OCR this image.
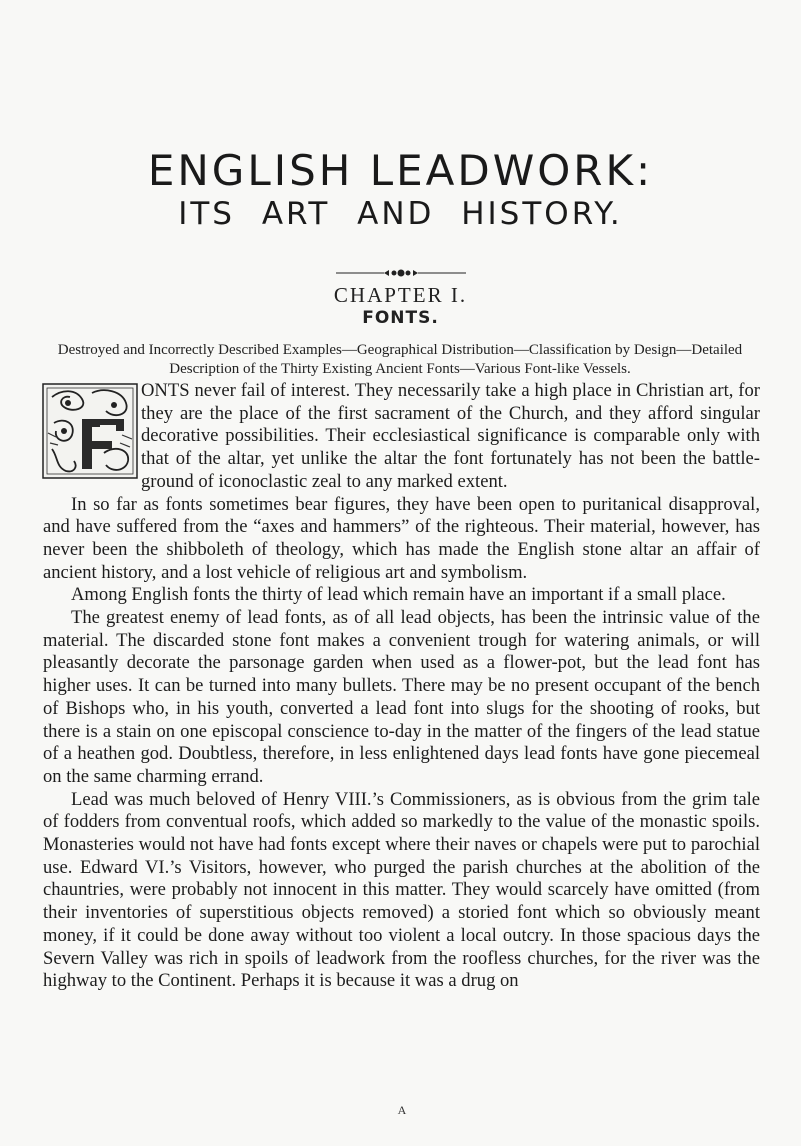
ENGLISH LEADWORK:
ITS ART AND HISTORY.
CHAPTER I.
FONTS.
Destroyed and Incorrectly Described Examples—Geographical Distribution—Classification by Design—Detailed Description of the Thirty Existing Ancient Fonts—Various Font-like Vessels.

ONTS never fail of interest. They necessarily take a high place in Christian art, for they are the place of the first sacrament of the Church, and they afford singular decorative possibilities. Their ecclesiastical significance is comparable only with that of the altar, yet unlike the altar the font fortunately has not been the battle-ground of iconoclastic zeal to any marked extent.

In so far as fonts sometimes bear figures, they have been open to puritanical disapproval, and have suffered from the “axes and hammers” of the righteous. Their material, however, has never been the shibboleth of theology, which has made the English stone altar an affair of ancient history, and a lost vehicle of religious art and symbolism.

Among English fonts the thirty of lead which remain have an important if a small place.

The greatest enemy of lead fonts, as of all lead objects, has been the intrinsic value of the material. The discarded stone font makes a convenient trough for watering animals, or will pleasantly decorate the parsonage garden when used as a flower-pot, but the lead font has higher uses. It can be turned into many bullets. There may be no present occupant of the bench of Bishops who, in his youth, converted a lead font into slugs for the shooting of rooks, but there is a stain on one episcopal conscience to-day in the matter of the fingers of the lead statue of a heathen god. Doubtless, therefore, in less enlightened days lead fonts have gone piecemeal on the same charming errand.

Lead was much beloved of Henry VIII.’s Commissioners, as is obvious from the grim tale of fodders from conventual roofs, which added so markedly to the value of the monastic spoils. Monasteries would not have had fonts except where their naves or chapels were put to parochial use. Edward VI.’s Visitors, however, who purged the parish churches at the abolition of the chauntries, were probably not innocent in this matter. They would scarcely have omitted (from their inventories of superstitious objects removed) a storied font which so obviously meant money, if it could be done away without too violent a local outcry. In those spacious days the Severn Valley was rich in spoils of leadwork from the roofless churches, for the river was the highway to the Continent. Perhaps it is because it was a drug on

A
